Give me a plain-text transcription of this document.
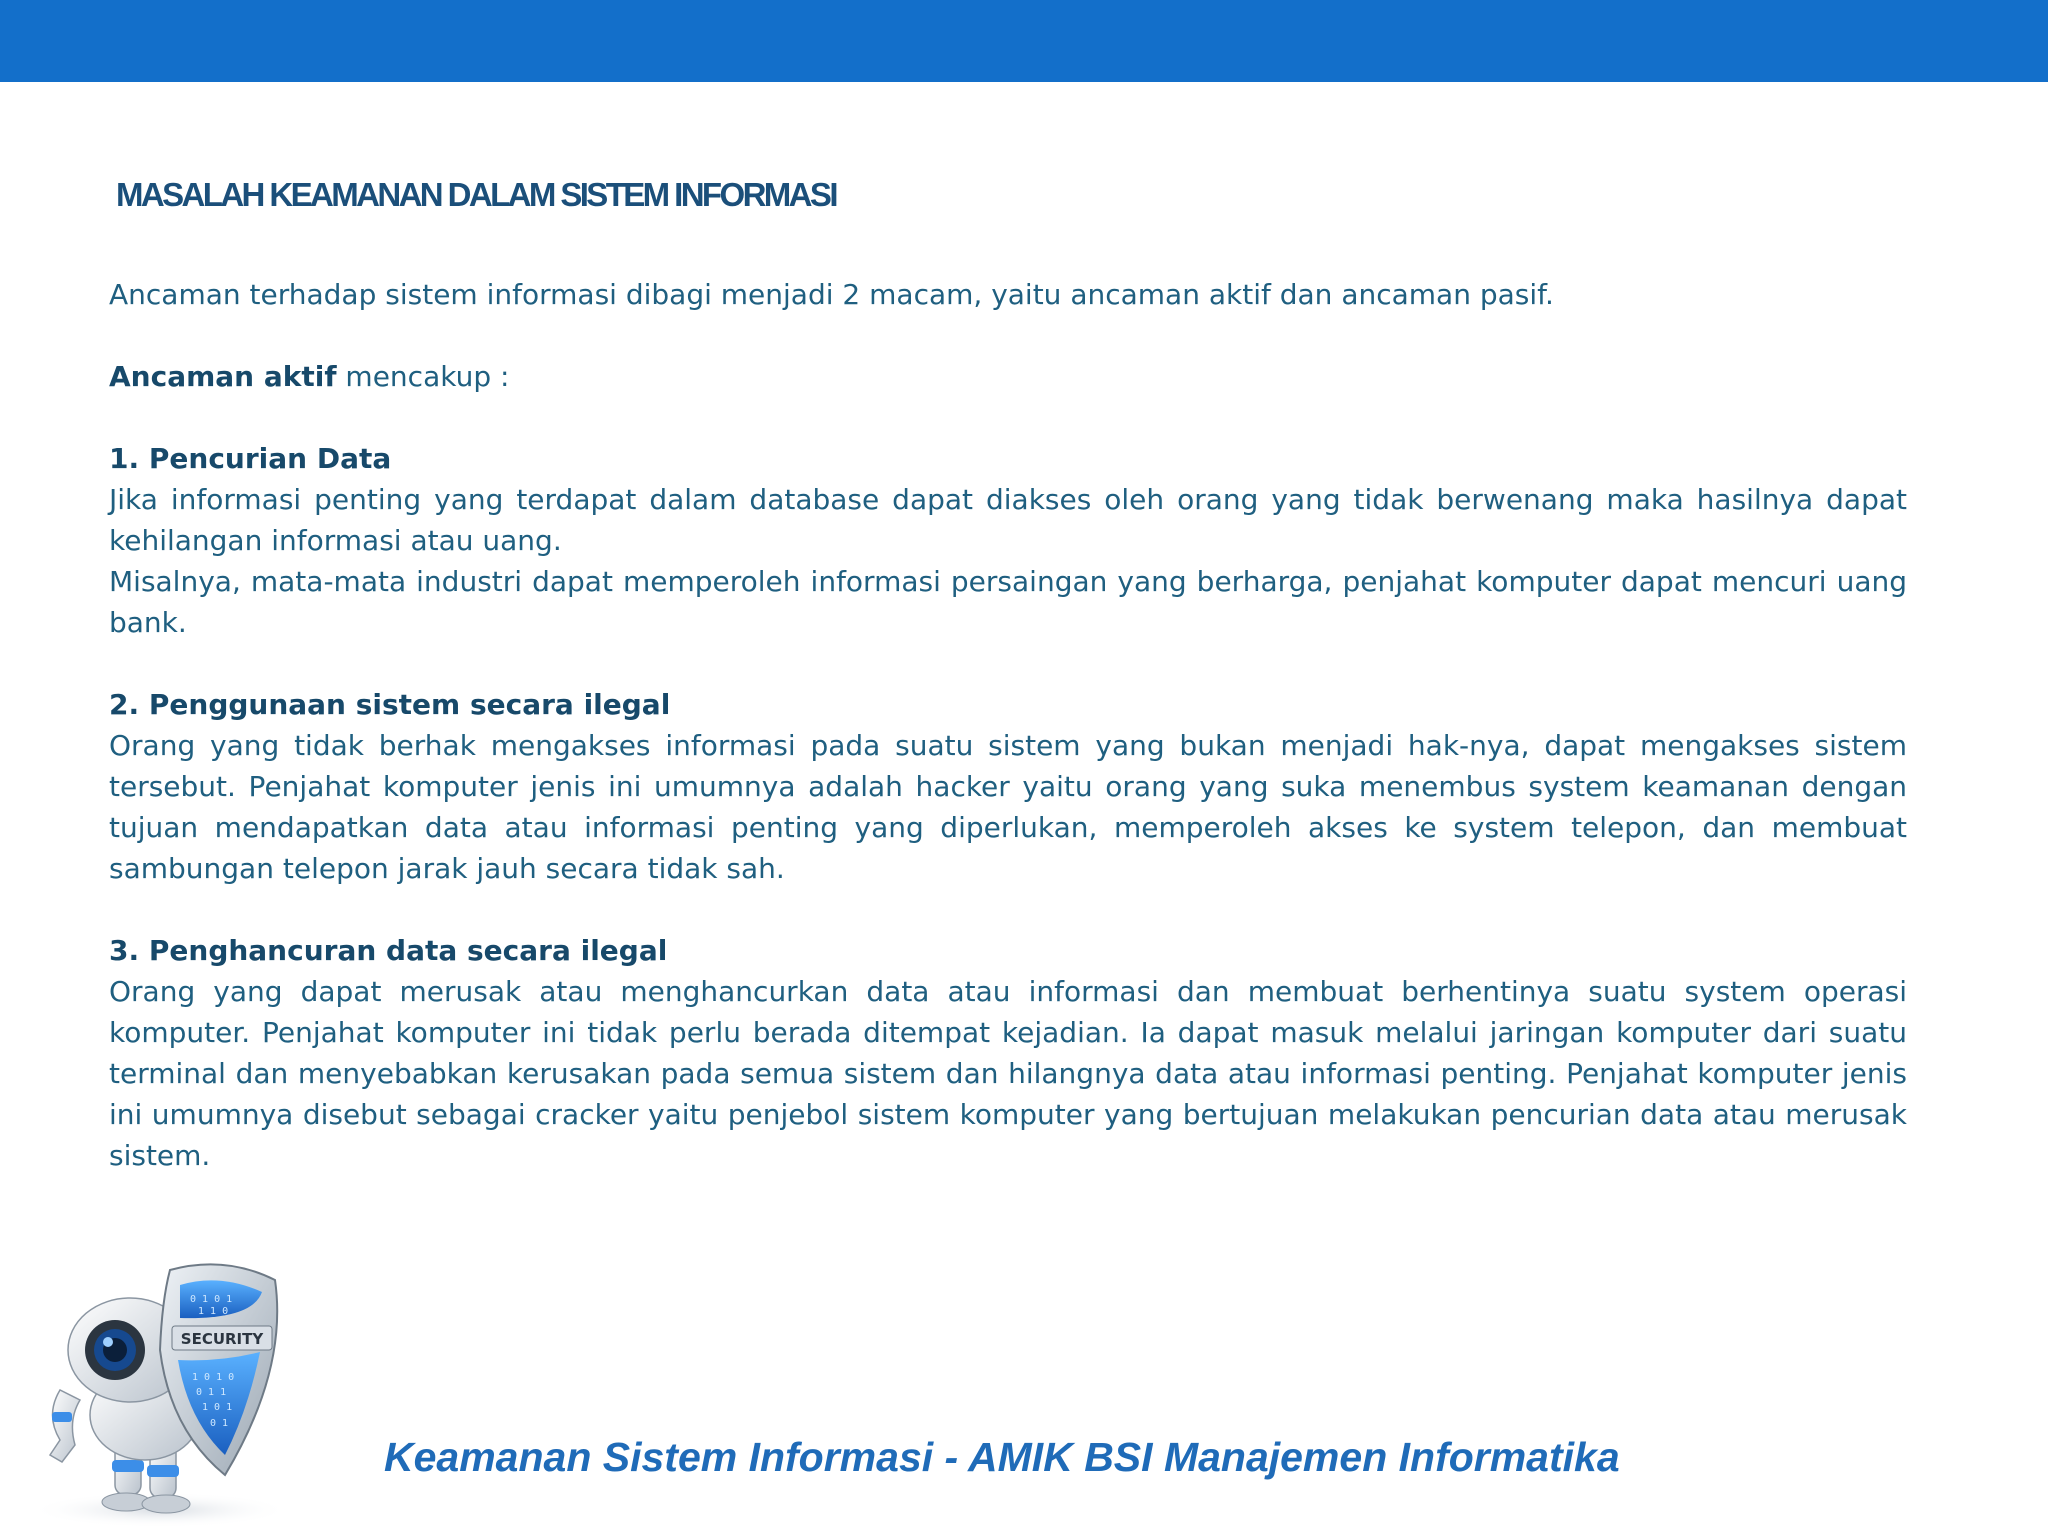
MASALAH KEAMANAN DALAM SISTEM INFORMASI

Ancaman terhadap sistem informasi dibagi menjadi 2 macam, yaitu ancaman aktif dan ancaman pasif.

Ancaman aktif mencakup :

1. Pencurian Data

Jika informasi penting yang terdapat dalam database dapat diakses oleh orang yang tidak berwenang maka hasilnya dapat kehilangan informasi atau uang.

Misalnya, mata-mata industri dapat memperoleh informasi persaingan yang berharga, penjahat komputer dapat mencuri uang bank.

2. Penggunaan sistem secara ilegal

Orang yang tidak berhak mengakses informasi pada suatu sistem yang bukan menjadi hak-nya, dapat mengakses sistem tersebut. Penjahat komputer jenis ini umumnya adalah hacker yaitu orang yang suka menembus system keamanan dengan tujuan mendapatkan data atau informasi penting yang diperlukan, memperoleh akses ke system telepon, dan membuat sambungan telepon jarak jauh secara tidak sah.

3. Penghancuran data secara ilegal

Orang yang dapat merusak atau menghancurkan data atau informasi dan membuat berhentinya suatu system operasi komputer. Penjahat komputer ini tidak perlu berada ditempat kejadian. Ia dapat masuk melalui jaringan komputer dari suatu terminal dan menyebabkan kerusakan pada semua sistem dan hilangnya data atau informasi penting. Penjahat komputer jenis ini umumnya disebut sebagai cracker yaitu penjebol sistem komputer yang bertujuan melakukan pencurian data atau merusak sistem.

0 1 0 1
1 1 0
1 0 1 0
0 1 1
1 0 1
0 1
SECURITY
Keamanan Sistem Informasi - AMIK BSI Manajemen Informatika
